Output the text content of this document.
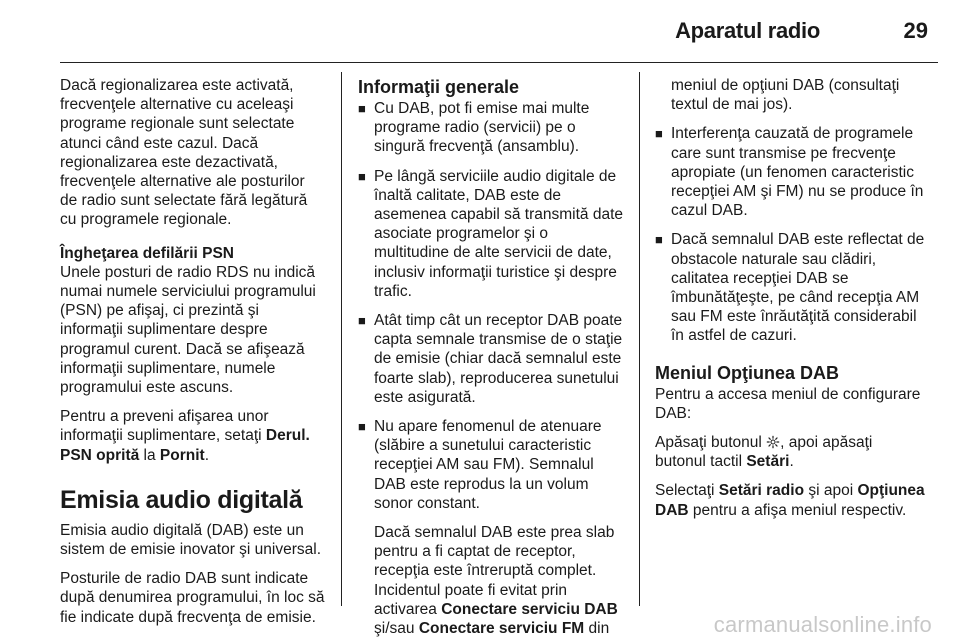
Aparatul radio	29

Dacă regionalizarea este activată, frecvenţele alternative cu aceleaşi programe regionale sunt selectate atunci când este cazul. Dacă regionalizarea este dezactivată, frecvenţele alternative ale posturilor de radio sunt selectate fără legătură cu programele regionale.

Îngheţarea defilării PSN

Unele posturi de radio RDS nu indică numai numele serviciului programului (PSN) pe afişaj, ci prezintă şi informaţii suplimentare despre programul curent. Dacă se afişează informaţii suplimentare, numele programului este ascuns.

Pentru a preveni afişarea unor informaţii suplimentare, setaţi Derul. PSN oprită la Pornit.

Emisia audio digitală

Emisia audio digitală (DAB) este un sistem de emisie inovator şi universal.

Posturile de radio DAB sunt indicate după denumirea programului, în loc să fie indicate după frecvenţa de emisie.

Informaţii generale
■ Cu DAB, pot fi emise mai multe programe radio (servicii) pe o singură frecvenţă (ansamblu).
■ Pe lângă serviciile audio digitale de înaltă calitate, DAB este de asemenea capabil să transmită date asociate programelor şi o multitudine de alte servicii de date, inclusiv informaţii turistice şi despre trafic.
■ Atât timp cât un receptor DAB poate capta semnale transmise de o staţie de emisie (chiar dacă semnalul este foarte slab), reproducerea sunetului este asigurată.
■ Nu apare fenomenul de atenuare (slăbire a sunetului caracteristic recepţiei AM sau FM). Semnalul DAB este reprodus la un volum sonor constant.
Dacă semnalul DAB este prea slab pentru a fi captat de receptor, recepţia este întreruptă complet. Incidentul poate fi evitat prin activarea Conectare serviciu DAB şi/sau Conectare serviciu FM din
meniul de opţiuni DAB (consultaţi textul de mai jos).
■ Interferenţa cauzată de programele care sunt transmise pe frecvenţe apropiate (un fenomen caracteristic recepţiei AM şi FM) nu se produce în cazul DAB.
■ Dacă semnalul DAB este reflectat de obstacole naturale sau clădiri, calitatea recepţiei DAB se îmbunătăţeşte, pe când recepţia AM sau FM este înrăutăţită considerabil în astfel de cazuri.
Meniul Opţiunea DAB

Pentru a accesa meniul de configurare DAB:

Apăsaţi butonul , apoi apăsaţi butonul tactil Setări.

Selectaţi Setări radio şi apoi Opţiunea DAB pentru a afişa meniul respectiv.

carmanualsonline.info
